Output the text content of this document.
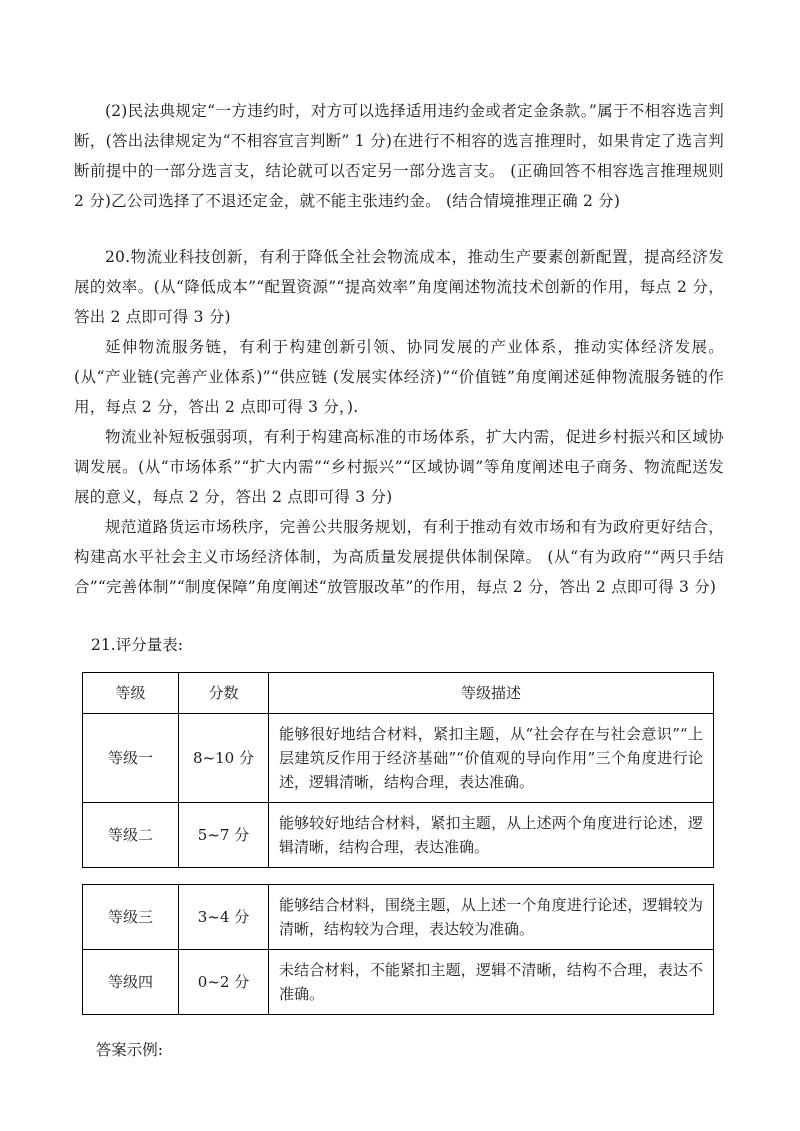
(2)民法典规定“一方违约时，对方可以选择适用违约金或者定金条款。”属于不相容选言判断，(答出法律规定为“不相容宣言判断” 1 分)在进行不相容的选言推理时，如果肯定了选言判断前提中的一部分选言支，结论就可以否定另一部分选言支。 (正确回答不相容选言推理规则 2 分)乙公司选择了不退还定金，就不能主张违约金。 (结合情境推理正确 2 分)

20.物流业科技创新，有利于降低全社会物流成本，推动生产要素创新配置，提高经济发展的效率。(从“降低成本”“配置资源”“提高效率”角度阐述物流技术创新的作用，每点 2 分，答出 2 点即可得 3 分)

延伸物流服务链，有利于构建创新引领、协同发展的产业体系，推动实体经济发展。 (从“产业链(完善产业体系)”“供应链 (发展实体经济)”“价值链”角度阐述延伸物流服务链的作用，每点 2 分，答出 2 点即可得 3 分，).

物流业补短板强弱项，有利于构建高标准的市场体系，扩大内需，促进乡村振兴和区域协调发展。(从“市场体系”“扩大内需”“乡村振兴”“区域协调”等角度阐述电子商务、物流配送发展的意义，每点 2 分，答出 2 点即可得 3 分)

规范道路货运市场秩序，完善公共服务规划，有利于推动有效市场和有为政府更好结合，构建高水平社会主义市场经济体制，为高质量发展提供体制保障。 (从“有为政府”“两只手结合”“完善体制”“制度保障”角度阐述“放管服改革”的作用，每点 2 分，答出 2 点即可得 3 分)

21.评分量表:

等级	分数	等级描述
等级一	8~10 分	能够很好地结合材料，紧扣主题，从“社会存在与社会意识”“上层建筑反作用于经济基础”“价值观的导向作用”三个角度进行论述，逻辑清晰，结构合理，表达准确。
等级二	5~7 分	能够较好地结合材料，紧扣主题，从上述两个角度进行论述，逻辑清晰，结构合理，表达准确。
等级三	3~4 分	能够结合材料，围绕主题，从上述一个角度进行论述，逻辑较为清晰，结构较为合理，表达较为准确。
等级四	0~2 分	未结合材料，不能紧扣主题，逻辑不清晰，结构不合理，表达不准确。

答案示例:
